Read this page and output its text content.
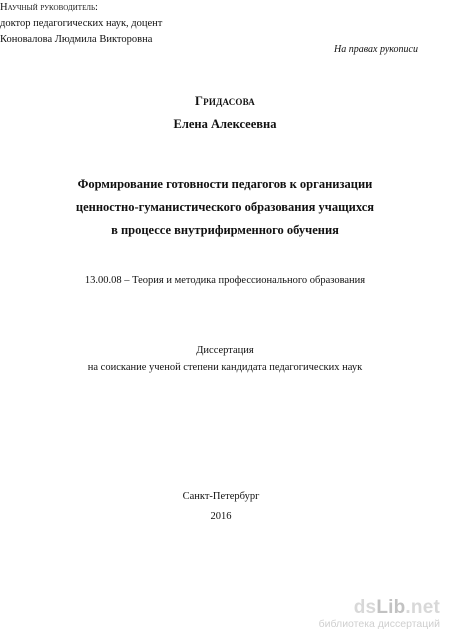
На правах рукописи
Гридасова
Елена Алексеевна
Формирование готовности педагогов к организации
ценностно-гуманистического образования учащихся
в процессе внутрифирменного обучения
13.00.08 – Теория и методика профессионального образования
Диссертация
на соискание ученой степени кандидата педагогических наук
Научный руководитель:
доктор педагогических наук, доцент
Коновалова Людмила Викторовна
Санкт-Петербург
2016
dsLib.net
библиотека диссертаций
